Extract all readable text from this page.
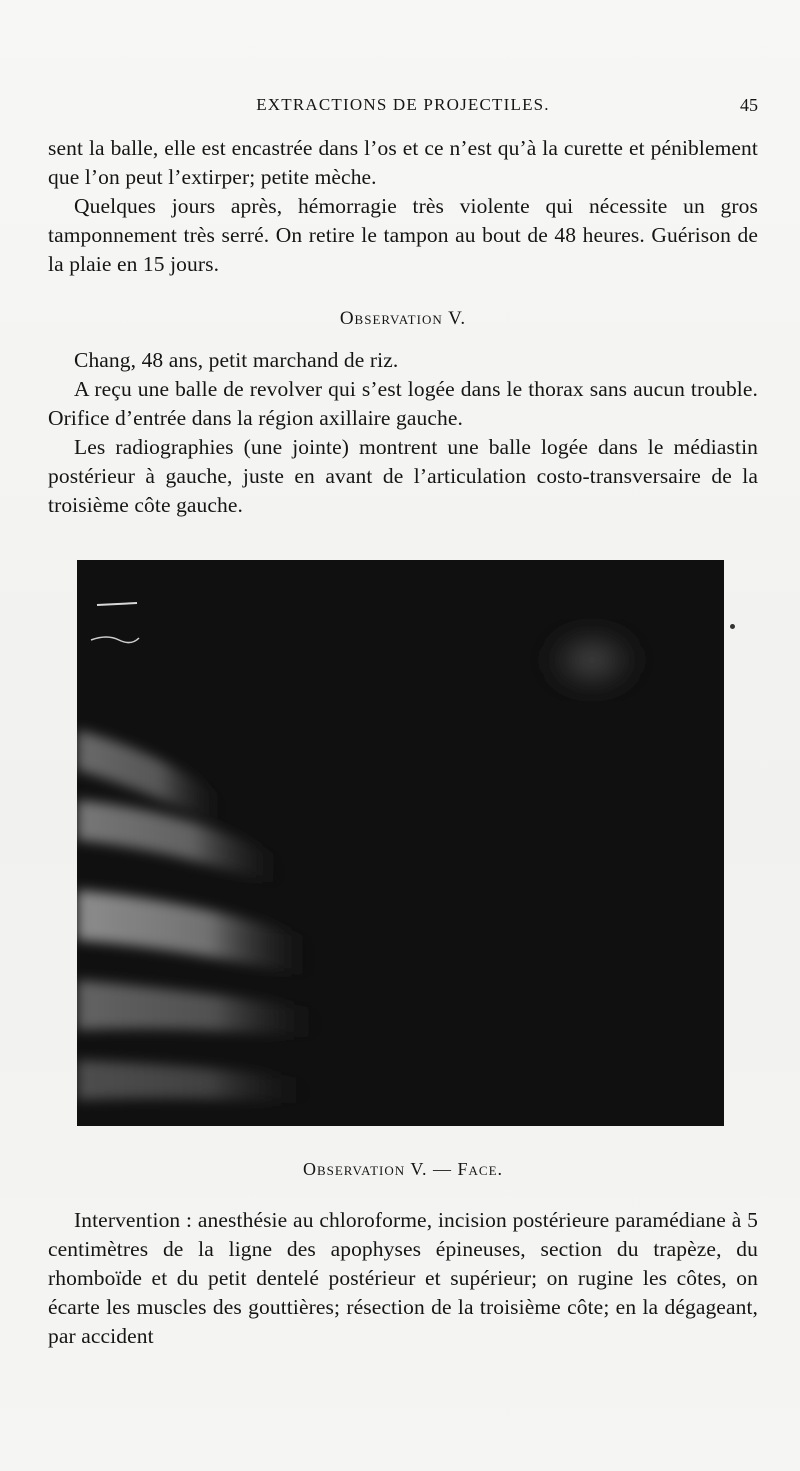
EXTRACTIONS DE PROJECTILES.	45

sent la balle, elle est encastrée dans l’os et ce n’est qu’à la curette et péniblement que l’on peut l’extirper; petite mèche.

Quelques jours après, hémorragie très violente qui nécessite un gros tamponnement très serré. On retire le tampon au bout de 48 heures. Guérison de la plaie en 15 jours.

Observation V.

Chang, 48 ans, petit marchand de riz.

A reçu une balle de revolver qui s’est logée dans le thorax sans aucun trouble. Orifice d’entrée dans la région axillaire gauche.

Les radiographies (une jointe) montrent une balle logée dans le médiastin postérieur à gauche, juste en avant de l’articulation costo-transversaire de la troisième côte gauche.

Observation V. — Face.

Intervention : anesthésie au chloroforme, incision postérieure paramédiane à 5 centimètres de la ligne des apophyses épineuses, section du trapèze, du rhomboïde et du petit dentelé postérieur et supérieur; on rugine les côtes, on écarte les muscles des gouttières; résection de la troisième côte; en la dégageant, par accident
